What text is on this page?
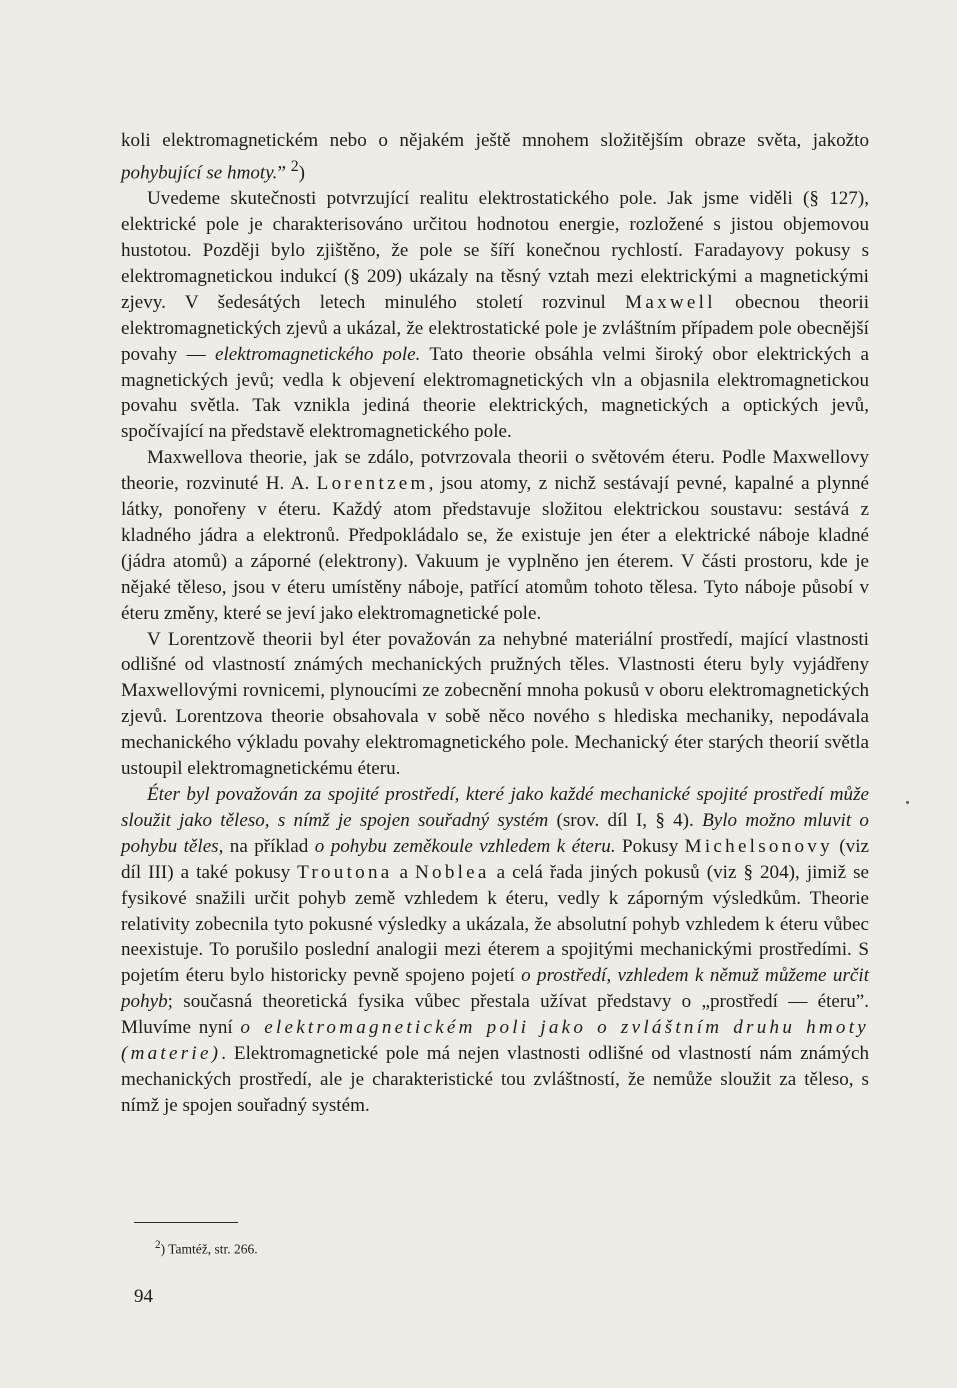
koli elektromagnetickém nebo o nějakém ještě mnohem složitějším obraze světa, jakožto pohybující se hmoty.” $^2$)

Uvedeme skutečnosti potvrzující realitu elektrostatického pole. Jak jsme viděli (§ 127), elektrické pole je charakterisováno určitou hodnotou energie, rozložené s jistou objemovou hustotou. Později bylo zjištěno, že pole se šíří konečnou rychlostí. Faradayovy pokusy s elektromagnetickou indukcí (§ 209) ukázaly na těsný vztah mezi elektrickými a magnetickými zjevy. V šedesátých letech minulého století rozvinul Maxwell obecnou theorii elektromagnetických zjevů a ukázal, že elektrostatické pole je zvláštním případem pole obecnější povahy — elektromagnetického pole. Tato theorie obsáhla velmi široký obor elektrických a magnetických jevů; vedla k objevení elektromagnetických vln a objasnila elektromagnetickou povahu světla. Tak vznikla jediná theorie elektrických, magnetických a optických jevů, spočívající na představě elektromagnetického pole.

Maxwellova theorie, jak se zdálo, potvrzovala theorii o světovém éteru. Podle Maxwellovy theorie, rozvinuté H. A. Lorentzem, jsou atomy, z nichž sestávají pevné, kapalné a plynné látky, ponořeny v éteru. Každý atom představuje složitou elektrickou soustavu: sestává z kladného jádra a elektronů. Předpokládalo se, že existuje jen éter a elektrické náboje kladné (jádra atomů) a záporné (elektrony). Vakuum je vyplněno jen éterem. V části prostoru, kde je nějaké těleso, jsou v éteru umístěny náboje, patřící atomům tohoto tělesa. Tyto náboje působí v éteru změny, které se jeví jako elektromagnetické pole.

V Lorentzově theorii byl éter považován za nehybné materiální prostředí, mající vlastnosti odlišné od vlastností známých mechanických pružných těles. Vlastnosti éteru byly vyjádřeny Maxwellovými rovnicemi, plynoucími ze zobecnění mnoha pokusů v oboru elektromagnetických zjevů. Lorentzova theorie obsahovala v sobě něco nového s hlediska mechaniky, nepodávala mechanického výkladu povahy elektromagnetického pole. Mechanický éter starých theorií světla ustoupil elektromagnetickému éteru.

Éter byl považován za spojité prostředí, které jako každé mechanické spojité prostředí může sloužit jako těleso, s nímž je spojen souřadný systém (srov. díl I, § 4). Bylo možno mluvit o pohybu těles, na příklad o pohybu zeměkoule vzhledem k éteru. Pokusy Michelsonovy (viz díl III) a také pokusy Troutona a Noblea a celá řada jiných pokusů (viz § 204), jimiž se fysikové snažili určit pohyb země vzhledem k éteru, vedly k záporným výsledkům. Theorie relativity zobecnila tyto pokusné výsledky a ukázala, že absolutní pohyb vzhledem k éteru vůbec neexistuje. To porušilo poslední analogii mezi éterem a spojitými mechanickými prostředími. S pojetím éteru bylo historicky pevně spojeno pojetí o prostředí, vzhledem k němuž můžeme určit pohyb; současná theoretická fysika vůbec přestala užívat představy o „prostředí — éteru”. Mluvíme nyní o elektromagnetickém poli jako o zvláštním druhu hmoty (materie). Elektromagnetické pole má nejen vlastnosti odlišné od vlastností nám známých mechanických prostředí, ale je charakteristické tou zvláštností, že nemůže sloužit za těleso, s nímž je spojen souřadný systém.

$^2$) Tamtéž, str. 266.
94
